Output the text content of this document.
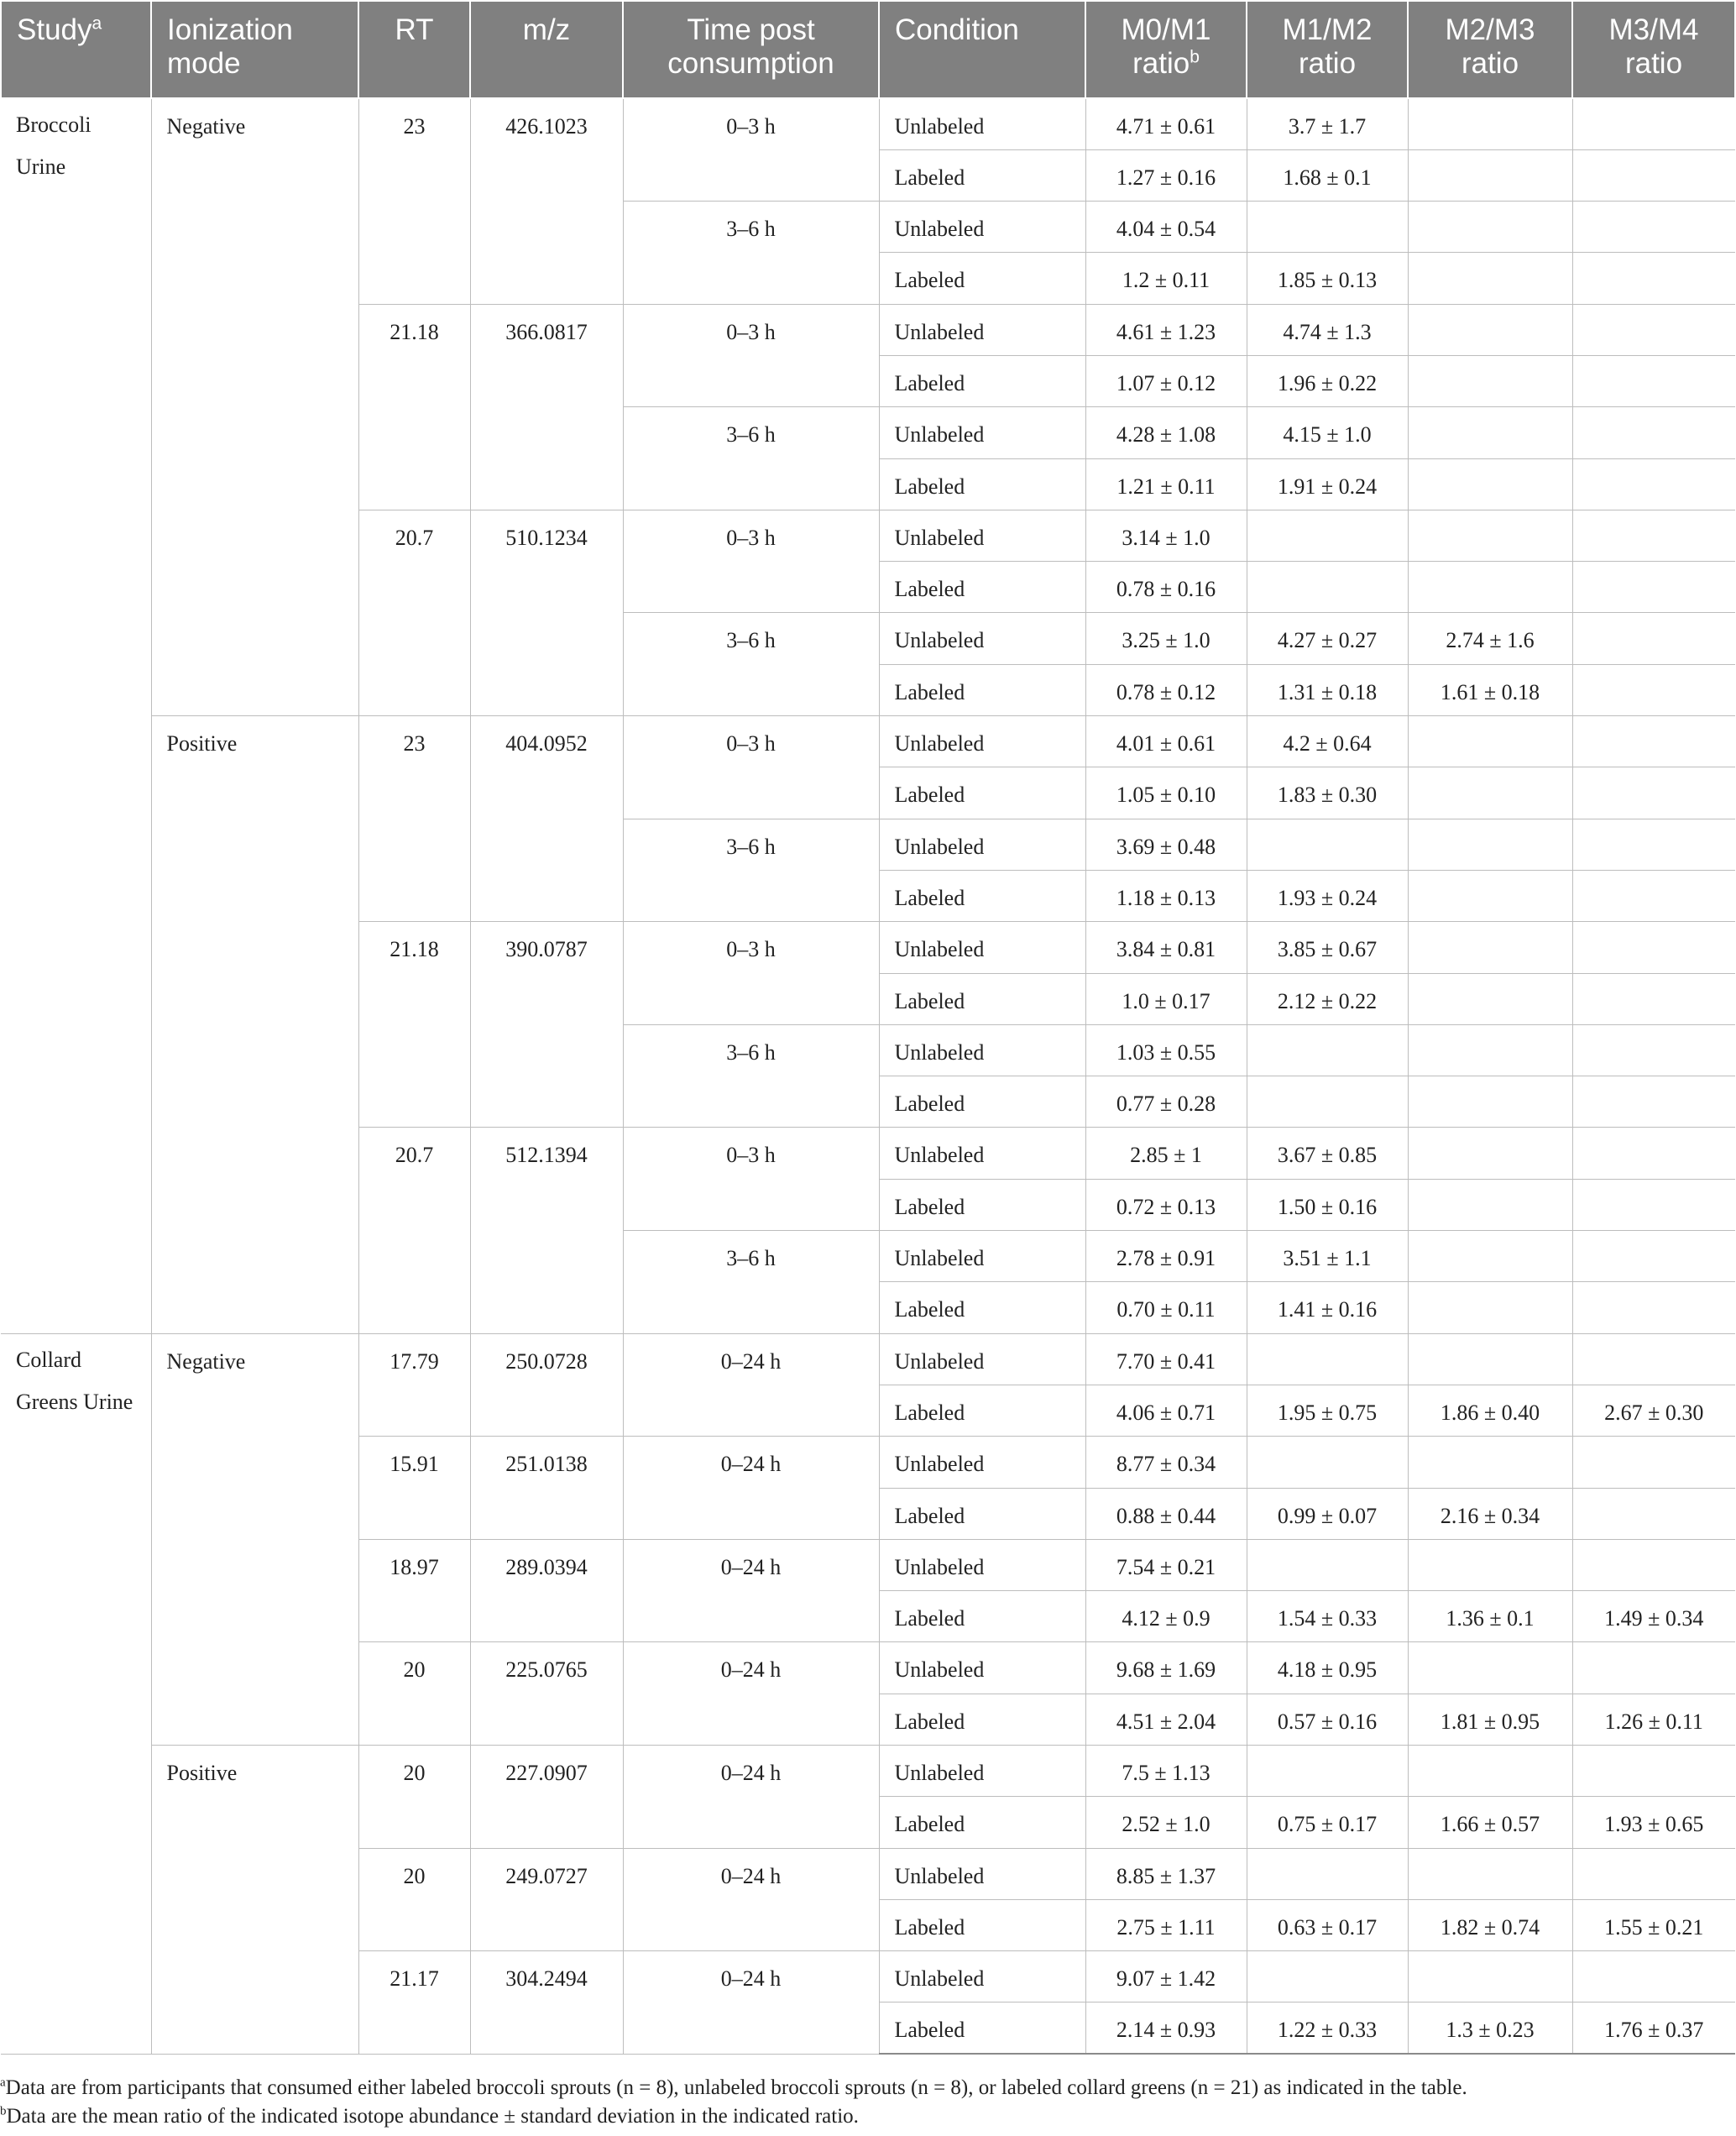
Study$^a$	Ionization mode	RT	m/z	Time post consumption	Condition	M0/M1 ratio$^b$	M1/M2 ratio	M2/M3 ratio	M3/M4 ratio
Broccoli Urine	Negative	23	426.1023	0–3 h	Unlabeled	4.71 ± 0.61	3.7 ± 1.7		
					Labeled	1.27 ± 0.16	1.68 ± 0.1		
				3–6 h	Unlabeled	4.04 ± 0.54			
					Labeled	1.2 ± 0.11	1.85 ± 0.13		
		21.18	366.0817	0–3 h	Unlabeled	4.61 ± 1.23	4.74 ± 1.3		
					Labeled	1.07 ± 0.12	1.96 ± 0.22		
				3–6 h	Unlabeled	4.28 ± 1.08	4.15 ± 1.0		
					Labeled	1.21 ± 0.11	1.91 ± 0.24		
		20.7	510.1234	0–3 h	Unlabeled	3.14 ± 1.0			
					Labeled	0.78 ± 0.16			
				3–6 h	Unlabeled	3.25 ± 1.0	4.27 ± 0.27	2.74 ± 1.6	
					Labeled	0.78 ± 0.12	1.31 ± 0.18	1.61 ± 0.18	
	Positive	23	404.0952	0–3 h	Unlabeled	4.01 ± 0.61	4.2 ± 0.64		
					Labeled	1.05 ± 0.10	1.83 ± 0.30		
				3–6 h	Unlabeled	3.69 ± 0.48			
					Labeled	1.18 ± 0.13	1.93 ± 0.24		
		21.18	390.0787	0–3 h	Unlabeled	3.84 ± 0.81	3.85 ± 0.67		
					Labeled	1.0 ± 0.17	2.12 ± 0.22		
				3–6 h	Unlabeled	1.03 ± 0.55			
					Labeled	0.77 ± 0.28			
		20.7	512.1394	0–3 h	Unlabeled	2.85 ± 1	3.67 ± 0.85		
					Labeled	0.72 ± 0.13	1.50 ± 0.16		
				3–6 h	Unlabeled	2.78 ± 0.91	3.51 ± 1.1		
					Labeled	0.70 ± 0.11	1.41 ± 0.16		
Collard Greens Urine	Negative	17.79	250.0728	0–24 h	Unlabeled	7.70 ± 0.41			
					Labeled	4.06 ± 0.71	1.95 ± 0.75	1.86 ± 0.40	2.67 ± 0.30
		15.91	251.0138	0–24 h	Unlabeled	8.77 ± 0.34			
					Labeled	0.88 ± 0.44	0.99 ± 0.07	2.16 ± 0.34	
		18.97	289.0394	0–24 h	Unlabeled	7.54 ± 0.21			
					Labeled	4.12 ± 0.9	1.54 ± 0.33	1.36 ± 0.1	1.49 ± 0.34
		20	225.0765	0–24 h	Unlabeled	9.68 ± 1.69	4.18 ± 0.95		
					Labeled	4.51 ± 2.04	0.57 ± 0.16	1.81 ± 0.95	1.26 ± 0.11
	Positive	20	227.0907	0–24 h	Unlabeled	7.5 ± 1.13			
					Labeled	2.52 ± 1.0	0.75 ± 0.17	1.66 ± 0.57	1.93 ± 0.65
		20	249.0727	0–24 h	Unlabeled	8.85 ± 1.37			
					Labeled	2.75 ± 1.11	0.63 ± 0.17	1.82 ± 0.74	1.55 ± 0.21
		21.17	304.2494	0–24 h	Unlabeled	9.07 ± 1.42			
					Labeled	2.14 ± 0.93	1.22 ± 0.33	1.3 ± 0.23	1.76 ± 0.37
$^a$Data are from participants that consumed either labeled broccoli sprouts (n = 8), unlabeled broccoli sprouts (n = 8), or labeled collard greens (n = 21) as indicated in the table.
$^b$Data are the mean ratio of the indicated isotope abundance ± standard deviation in the indicated ratio.
